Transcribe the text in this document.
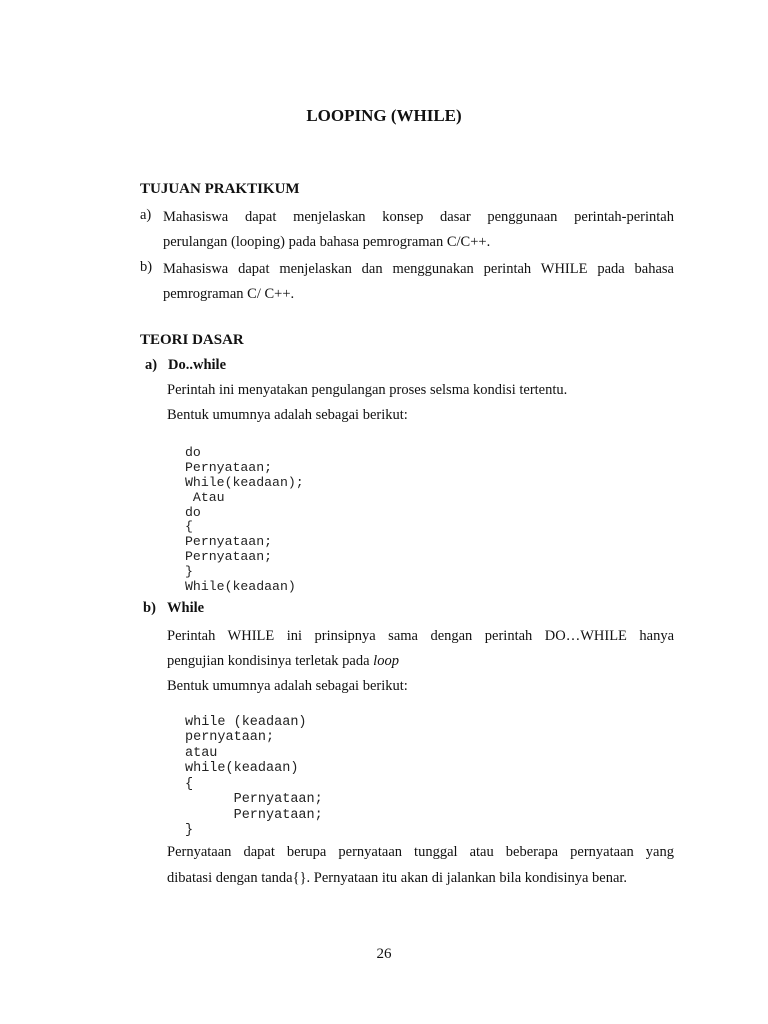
LOOPING (WHILE)
TUJUAN PRAKTIKUM
a) Mahasiswa dapat menjelaskan konsep dasar penggunaan perintah-perintah
perulangan (looping) pada bahasa pemrograman C/C++.
b) Mahasiswa dapat menjelaskan dan menggunakan perintah WHILE pada bahasa
pemrograman C/ C++.
TEORI DASAR
a) Do..while
Perintah ini menyatakan pengulangan proses selsma kondisi tertentu.
Bentuk umumnya adalah sebagai berikut:

do
Pernyataan;
While(keadaan);
Atau
do
{
Pernyataan;
Pernyataan;
}
While(keadaan)

b) While
Perintah WHILE ini prinsipnya sama dengan perintah DO…WHILE hanya
pengujian kondisinya terletak pada loop
Bentuk umumnya adalah sebagai berikut:

while (keadaan)
pernyataan;
atau
while(keadaan)
{
Pernyataan;
Pernyataan;
}

Pernyataan dapat berupa pernyataan tunggal atau beberapa pernyataan yang
dibatasi dengan tanda{}. Pernyataan itu akan di jalankan bila kondisinya benar.
26
